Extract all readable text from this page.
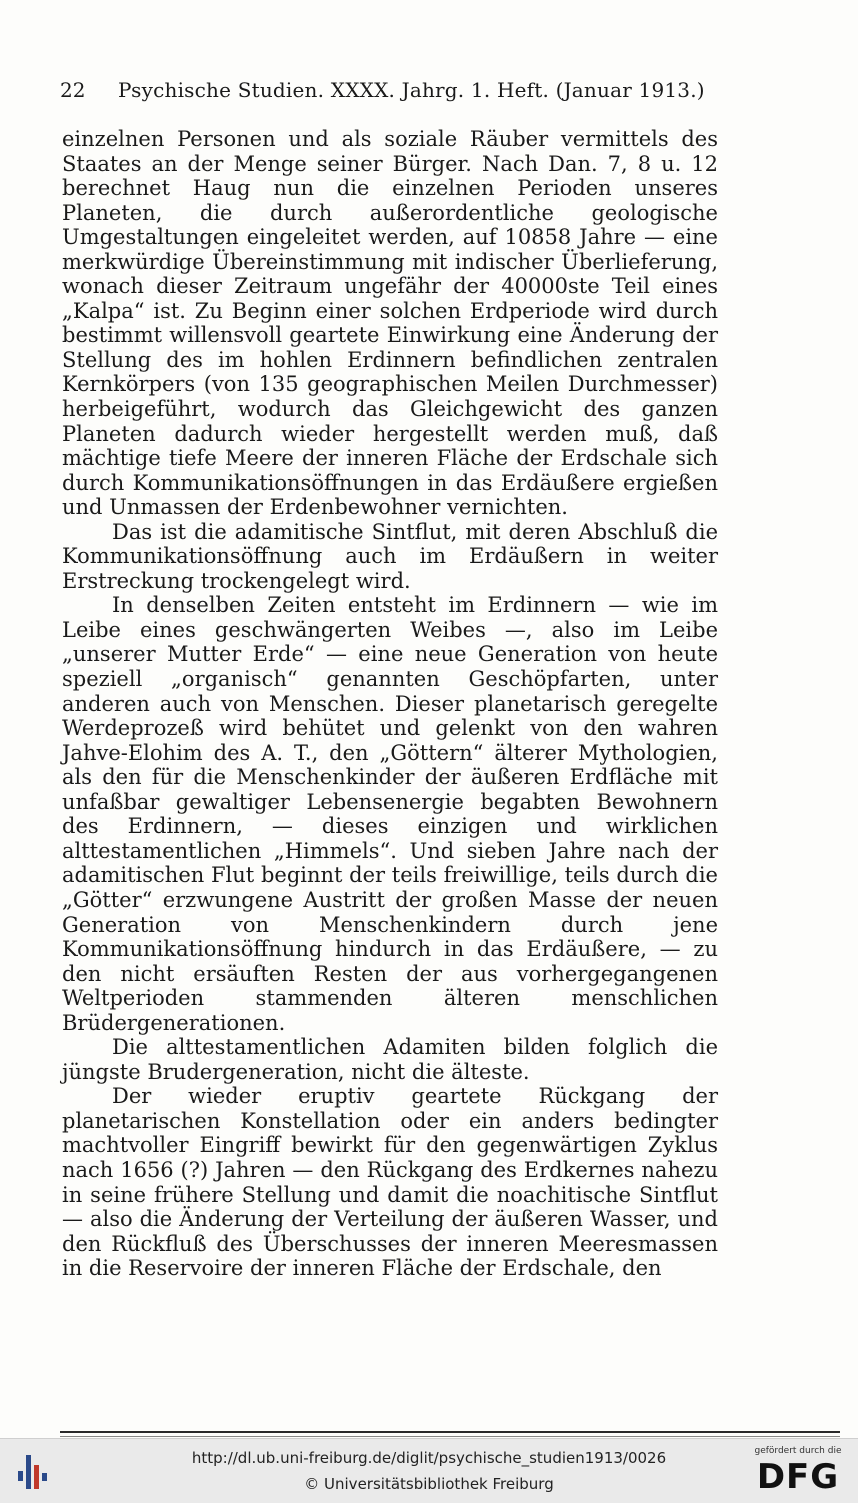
22 Psychische Studien. XXXX. Jahrg. 1. Heft. (Januar 1913.)

einzelnen Personen und als soziale Räuber vermittels des Staates an der Menge seiner Bürger. Nach Dan. 7, 8 u. 12 berechnet Haug nun die einzelnen Perioden unseres Planeten, die durch außerordentliche geologische Umgestaltungen eingeleitet werden, auf 10858 Jahre — eine merkwürdige Übereinstimmung mit indischer Überlieferung, wonach dieser Zeitraum ungefähr der 40000ste Teil eines „Kalpa“ ist. Zu Beginn einer solchen Erdperiode wird durch bestimmt willensvoll geartete Einwirkung eine Änderung der Stellung des im hohlen Erdinnern befindlichen zentralen Kernkörpers (von 135 geographischen Meilen Durchmesser) herbeigeführt, wodurch das Gleichgewicht des ganzen Planeten dadurch wieder hergestellt werden muß, daß mächtige tiefe Meere der inneren Fläche der Erdschale sich durch Kommunikationsöffnungen in das Erdäußere ergießen und Unmassen der Erdenbewohner vernichten.

Das ist die adamitische Sintflut, mit deren Abschluß die Kommunikationsöffnung auch im Erdäußern in weiter Erstreckung trockengelegt wird.

In denselben Zeiten entsteht im Erdinnern — wie im Leibe eines geschwängerten Weibes —, also im Leibe „unserer Mutter Erde“ — eine neue Generation von heute speziell „organisch“ genannten Geschöpfarten, unter anderen auch von Menschen. Dieser planetarisch geregelte Werdeprozeß wird behütet und gelenkt von den wahren Jahve-Elohim des A. T., den „Göttern“ älterer Mythologien, als den für die Menschenkinder der äußeren Erdfläche mit unfaßbar gewaltiger Lebensenergie begabten Bewohnern des Erdinnern, — dieses einzigen und wirklichen alttestamentlichen „Himmels“. Und sieben Jahre nach der adamitischen Flut beginnt der teils freiwillige, teils durch die „Götter“ erzwungene Austritt der großen Masse der neuen Generation von Menschenkindern durch jene Kommunikationsöffnung hindurch in das Erdäußere, — zu den nicht ersäuften Resten der aus vorhergegangenen Weltperioden stammenden älteren menschlichen Brüdergenerationen.

Die alttestamentlichen Adamiten bilden folglich die jüngste Brudergeneration, nicht die älteste.

Der wieder eruptiv geartete Rückgang der planetarischen Konstellation oder ein anders bedingter machtvoller Eingriff bewirkt für den gegenwärtigen Zyklus nach 1656 (?) Jahren — den Rückgang des Erdkernes nahezu in seine frühere Stellung und damit die noachitische Sintflut — also die Änderung der Verteilung der äußeren Wasser, und den Rückfluß des Überschusses der inneren Meeresmassen in die Reservoire der inneren Fläche der Erdschale, den

http://dl.ub.uni-freiburg.de/diglit/psychische_studien1913/0026
© Universitätsbibliothek Freiburg
gefördert durch die
DFG
